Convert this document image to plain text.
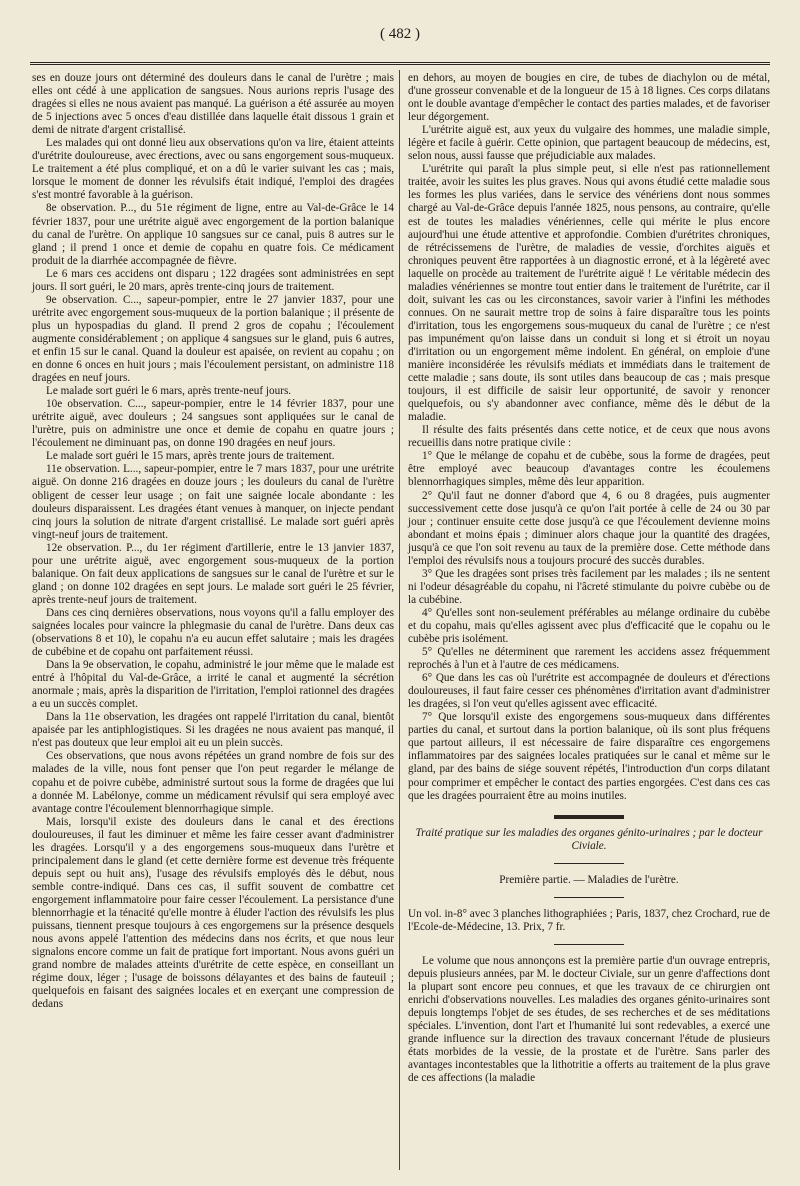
( 482 )

ses en douze jours ont déterminé des douleurs dans le canal de l'urètre ; mais elles ont cédé à une application de sangsues. Nous aurions repris l'usage des dragées si elles ne nous avaient pas manqué. La guérison a été assurée au moyen de 5 injections avec 5 onces d'eau distillée dans laquelle était dissous 1 grain et demi de nitrate d'argent cristallisé.

Les malades qui ont donné lieu aux observations qu'on va lire, étaient atteints d'urétrite douloureuse, avec érections, avec ou sans engorgement sous-muqueux. Le traitement a été plus compliqué, et on a dû le varier suivant les cas ; mais, lorsque le moment de donner les révulsifs était indiqué, l'emploi des dragées s'est montré favorable à la guérison.

8e observation. P..., du 51e régiment de ligne, entre au Val-de-Grâce le 14 février 1837, pour une urétrite aiguë avec engorgement de la portion balanique du canal de l'urètre. On applique 10 sangsues sur ce canal, puis 8 autres sur le gland ; il prend 1 once et demie de copahu en quatre fois. Ce médicament produit de la diarrhée accompagnée de fièvre.

Le 6 mars ces accidens ont disparu ; 122 dragées sont administrées en sept jours. Il sort guéri, le 20 mars, après trente-cinq jours de traitement.

9e observation. C..., sapeur-pompier, entre le 27 janvier 1837, pour une urétrite avec engorgement sous-muqueux de la portion balanique ; il présente de plus un hypospadias du gland. Il prend 2 gros de copahu ; l'écoulement augmente considérablement ; on applique 4 sangsues sur le gland, puis 6 autres, et enfin 15 sur le canal. Quand la douleur est apaisée, on revient au copahu ; on en donne 6 onces en huit jours ; mais l'écoulement persistant, on administre 118 dragées en neuf jours.

Le malade sort guéri le 6 mars, après trente-neuf jours.

10e observation. C..., sapeur-pompier, entre le 14 février 1837, pour une urétrite aiguë, avec douleurs ; 24 sangsues sont appliquées sur le canal de l'urètre, puis on administre une once et demie de copahu en quatre jours ; l'écoulement ne diminuant pas, on donne 190 dragées en neuf jours.

Le malade sort guéri le 15 mars, après trente jours de traitement.

11e observation. L..., sapeur-pompier, entre le 7 mars 1837, pour une urétrite aiguë. On donne 216 dragées en douze jours ; les douleurs du canal de l'urètre obligent de cesser leur usage ; on fait une saignée locale abondante : les douleurs disparaissent. Les dragées étant venues à manquer, on injecte pendant cinq jours la solution de nitrate d'argent cristallisé. Le malade sort guéri après vingt-neuf jours de traitement.

12e observation. P..., du 1er régiment d'artillerie, entre le 13 janvier 1837, pour une urétrite aiguë, avec engorgement sous-muqueux de la portion balanique. On fait deux applications de sangsues sur le canal de l'urètre et sur le gland ; on donne 102 dragées en sept jours. Le malade sort guéri le 25 février, après trente-neuf jours de traitement.

Dans ces cinq dernières observations, nous voyons qu'il a fallu employer des saignées locales pour vaincre la phlegmasie du canal de l'urètre. Dans deux cas (observations 8 et 10), le copahu n'a eu aucun effet salutaire ; mais les dragées de cubébine et de copahu ont parfaitement réussi.

Dans la 9e observation, le copahu, administré le jour même que le malade est entré à l'hôpital du Val-de-Grâce, a irrité le canal et augmenté la sécrétion anormale ; mais, après la disparition de l'irritation, l'emploi rationnel des dragées a eu un succès complet.

Dans la 11e observation, les dragées ont rappelé l'irritation du canal, bientôt apaisée par les antiphlogistiques. Si les dragées ne nous avaient pas manqué, il n'est pas douteux que leur emploi ait eu un plein succès.

Ces observations, que nous avons répétées un grand nombre de fois sur des malades de la ville, nous font penser que l'on peut regarder le mélange de copahu et de poivre cubèbe, administré surtout sous la forme de dragées que lui a donnée M. Labélonye, comme un médicament révulsif qui sera employé avec avantage contre l'écoulement blennorrhagique simple.

Mais, lorsqu'il existe des douleurs dans le canal et des érections douloureuses, il faut les diminuer et même les faire cesser avant d'administrer les dragées. Lorsqu'il y a des engorgemens sous-muqueux dans l'urètre et principalement dans le gland (et cette dernière forme est devenue très fréquente depuis sept ou huit ans), l'usage des révulsifs employés dès le début, nous semble contre-indiqué. Dans ces cas, il suffit souvent de combattre cet engorgement inflammatoire pour faire cesser l'écoulement. La persistance d'une blennorrhagie et la ténacité qu'elle montre à éluder l'action des révulsifs les plus puissans, tiennent presque toujours à ces engorgemens sur la présence desquels nous avons appelé l'attention des médecins dans nos écrits, et que nous leur signalons encore comme un fait de pratique fort important. Nous avons guéri un grand nombre de malades atteints d'urétrite de cette espèce, en conseillant un régime doux, léger ; l'usage de boissons délayantes et des bains de fauteuil ; quelquefois en faisant des saignées locales et en exerçant une compression de dedans

en dehors, au moyen de bougies en cire, de tubes de diachylon ou de métal, d'une grosseur convenable et de la longueur de 15 à 18 lignes. Ces corps dilatans ont le double avantage d'empêcher le contact des parties malades, et de favoriser leur dégorgement.

L'urétrite aiguë est, aux yeux du vulgaire des hommes, une maladie simple, légère et facile à guérir. Cette opinion, que partagent beaucoup de médecins, est, selon nous, aussi fausse que préjudiciable aux malades.

L'urétrite qui paraît la plus simple peut, si elle n'est pas rationnellement traitée, avoir les suites les plus graves. Nous qui avons étudié cette maladie sous les formes les plus variées, dans le service des vénériens dont nous sommes chargé au Val-de-Grâce depuis l'année 1825, nous pensons, au contraire, qu'elle est de toutes les maladies vénériennes, celle qui mérite le plus encore aujourd'hui une étude attentive et approfondie. Combien d'urétrites chroniques, de rétrécissemens de l'urètre, de maladies de vessie, d'orchites aiguës et chroniques peuvent être rapportées à un diagnostic erroné, et à la légèreté avec laquelle on procède au traitement de l'urétrite aiguë ! Le véritable médecin des maladies vénériennes se montre tout entier dans le traitement de l'urétrite, car il doit, suivant les cas ou les circonstances, savoir varier à l'infini les méthodes connues. On ne saurait mettre trop de soins à faire disparaître tous les points d'irritation, tous les engorgemens sous-muqueux du canal de l'urètre ; ce n'est pas impunément qu'on laisse dans un conduit si long et si étroit un noyau d'irritation ou un engorgement même indolent. En général, on emploie d'une manière inconsidérée les révulsifs médiats et immédiats dans le traitement de cette maladie ; sans doute, ils sont utiles dans beaucoup de cas ; mais presque toujours, il est difficile de saisir leur opportunité, de savoir y renoncer quelquefois, ou s'y abandonner avec confiance, même dès le début de la maladie.

Il résulte des faits présentés dans cette notice, et de ceux que nous avons recueillis dans notre pratique civile :

1° Que le mélange de copahu et de cubèbe, sous la forme de dragées, peut être employé avec beaucoup d'avantages contre les écoulemens blennorrhagiques simples, même dès leur apparition.

2° Qu'il faut ne donner d'abord que 4, 6 ou 8 dragées, puis augmenter successivement cette dose jusqu'à ce qu'on l'ait portée à celle de 24 ou 30 par jour ; continuer ensuite cette dose jusqu'à ce que l'écoulement devienne moins abondant et moins épais ; diminuer alors chaque jour la quantité des dragées, jusqu'à ce que l'on soit revenu au taux de la première dose. Cette méthode dans l'emploi des révulsifs nous a toujours procuré des succès durables.

3° Que les dragées sont prises très facilement par les malades ; ils ne sentent ni l'odeur désagréable du copahu, ni l'âcreté stimulante du poivre cubèbe ou de la cubébine.

4° Qu'elles sont non-seulement préférables au mélange ordinaire du cubèbe et du copahu, mais qu'elles agissent avec plus d'efficacité que le copahu ou le cubèbe pris isolément.

5° Qu'elles ne déterminent que rarement les accidens assez fréquemment reprochés à l'un et à l'autre de ces médicamens.

6° Que dans les cas où l'urétrite est accompagnée de douleurs et d'érections douloureuses, il faut faire cesser ces phénomènes d'irritation avant d'administrer les dragées, si l'on veut qu'elles agissent avec efficacité.

7° Que lorsqu'il existe des engorgemens sous-muqueux dans différentes parties du canal, et surtout dans la portion balanique, où ils sont plus fréquens que partout ailleurs, il est nécessaire de faire disparaître ces engorgemens inflammatoires par des saignées locales pratiquées sur le canal et même sur le gland, par des bains de siége souvent répétés, l'introduction d'un corps dilatant pour comprimer et empêcher le contact des parties engorgées. C'est dans ces cas que les dragées pourraient être au moins inutiles.

Traité pratique sur les maladies des organes génito-urinaires ; par le docteur Civiale.

Première partie. — Maladies de l'urètre.

Un vol. in-8° avec 3 planches lithographiées ; Paris, 1837, chez Crochard, rue de l'Ecole-de-Médecine, 13. Prix, 7 fr.

Le volume que nous annonçons est la première partie d'un ouvrage entrepris, depuis plusieurs années, par M. le docteur Civiale, sur un genre d'affections dont la plupart sont encore peu connues, et que les travaux de ce chirurgien ont enrichi d'observations nouvelles. Les maladies des organes génito-urinaires sont depuis longtemps l'objet de ses études, de ses recherches et de ses méditations spéciales. L'invention, dont l'art et l'humanité lui sont redevables, a exercé une grande influence sur la direction des travaux concernant l'étude de plusieurs états morbides de la vessie, de la prostate et de l'urètre. Sans parler des avantages incontestables que la lithotritie a offerts au traitement de la plus grave de ces affections (la maladie
